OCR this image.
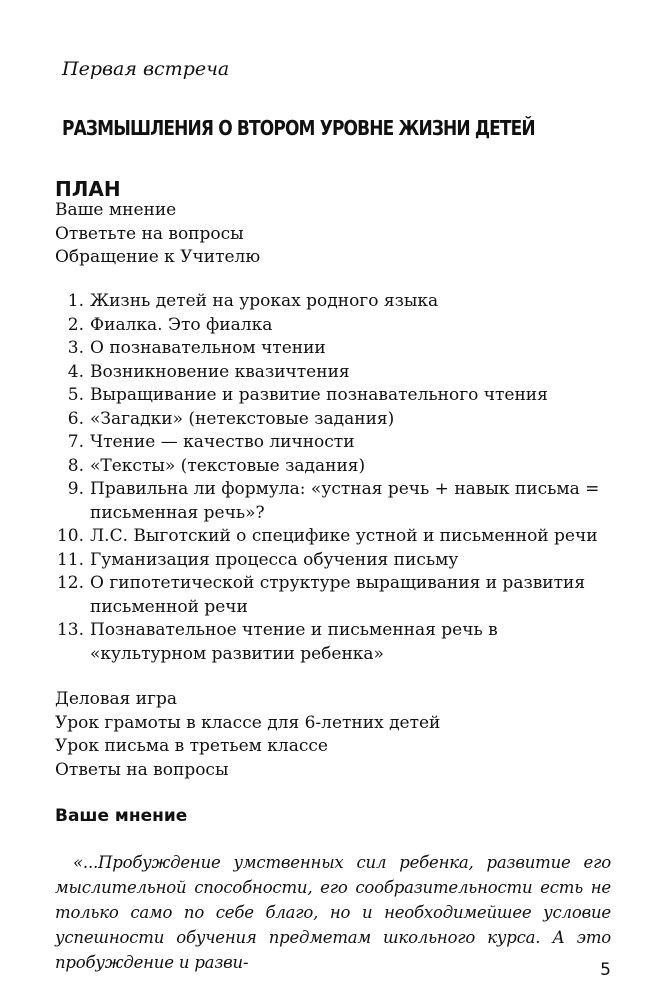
Первая встреча
РАЗМЫШЛЕНИЯ О ВТОРОМ УРОВНЕ ЖИЗНИ ДЕТЕЙ
ПЛАН
Ваше мнение
Ответьте на вопросы
Обращение к Учителю
1. Жизнь детей на уроках родного языка
2. Фиалка. Это фиалка
3. О познавательном чтении
4. Возникновение квазичтения
5. Выращивание и развитие познавательного чтения
6. «Загадки» (нетекстовые задания)
7. Чтение — качество личности
8. «Тексты» (текстовые задания)
9. Правильна ли формула: «устная речь + навык письма = письменная речь»?
10. Л.С. Выготский о специфике устной и письменной речи
11. Гуманизация процесса обучения письму
12. О гипотетической структуре выращивания и развития письменной речи
13. Познавательное чтение и письменная речь в «культурном развитии ребенка»
Деловая игра
Урок грамоты в классе для 6-летних детей
Урок письма в третьем классе
Ответы на вопросы
Ваше мнение
«...Пробуждение умственных сил ребенка, развитие его мыслительной способности, его сообразительности есть не только само по себе благо, но и необходимейшее условие успешности обучения предметам школьного курса. А это пробуждение и разви-	5
